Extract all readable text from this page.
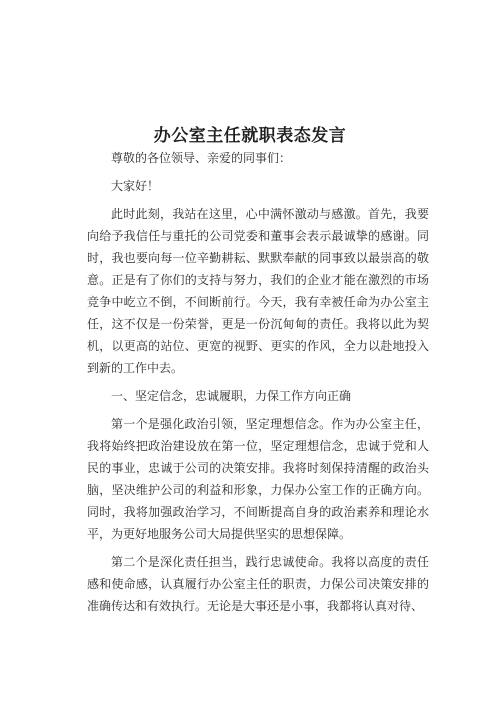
办公室主任就职表态发言

尊敬的各位领导、亲爱的同事们：

大家好！

此时此刻，我站在这里，心中满怀激动与感激。首先，我要向给予我信任与重托的公司党委和董事会表示最诚挚的感谢。同时，我也要向每一位辛勤耕耘、默默奉献的同事致以最崇高的敬意。正是有了你们的支持与努力，我们的企业才能在激烈的市场竞争中屹立不倒，不间断前行。今天，我有幸被任命为办公室主任，这不仅是一份荣誉，更是一份沉甸甸的责任。我将以此为契机，以更高的站位、更宽的视野、更实的作风，全力以赴地投入到新的工作中去。

一、坚定信念，忠诚履职，力保工作方向正确

第一个是强化政治引领，坚定理想信念。作为办公室主任，我将始终把政治建设放在第一位，坚定理想信念，忠诚于党和人民的事业，忠诚于公司的决策安排。我将时刻保持清醒的政治头脑，坚决维护公司的利益和形象，力保办公室工作的正确方向。同时，我将加强政治学习，不间断提高自身的政治素养和理论水平，为更好地服务公司大局提供坚实的思想保障。

第二个是深化责任担当，践行忠诚使命。我将以高度的责任感和使命感，认真履行办公室主任的职责，力保公司决策安排的准确传达和有效执行。无论是大事还是小事，我都将认真对待、
